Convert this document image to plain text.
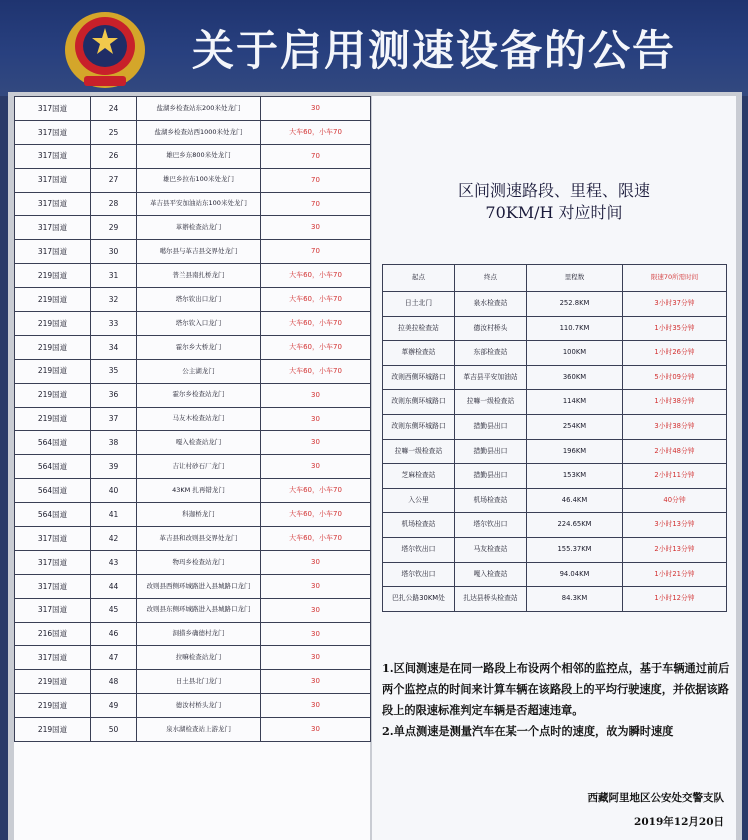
关于启用测速设备的公告
317国道	24	盐湖乡检查站东200米处龙门	30
317国道	25	盐湖乡检查站西1000米处龙门	大车60，小车70
317国道	26	雄巴乡东800米处龙门	70
317国道	27	雄巴乡拉布100米处龙门	70
317国道	28	革吉县平安加油站东100米处龙门	70
317国道	29	革辦检查站龙门	30
317国道	30	噶尔县与革吉县交界处龙门	70
219国道	31	普兰县南扎桥龙门	大车60，小车70
219国道	32	塔尔钦出口龙门	大车60，小车70
219国道	33	塔尔钦入口龙门	大车60，小车70
219国道	34	霍尔乡大桥龙门	大车60，小车70
219国道	35	公主湖龙门	大车60，小车70
219国道	36	霍尔乡检查站龙门	30
219国道	37	马友木检查站龙门	30
564国道	38	嘎入检查站龙门	30
564国道	39	吉让村砂石厂龙门	30
564国道	40	43KM 扎再错龙门	大车60，小车70
564国道	41	科迦桥龙门	大车60，小车70
317国道	42	革吉县和改则县交界处龙门	大车60，小车70
317国道	43	物玛乡检查站龙门	30
317国道	44	改则县西侧环城路进入县城路口龙门	30
317国道	45	改则县东侧环城路进入县城路口龙门	30
216国道	46	洞措乡确德村龙门	30
317国道	47	拉嘛检查站龙门	30
219国道	48	日土县北门龙门	30
219国道	49	德汝村桥头龙门	30
219国道	50	泉水湖检查站上游龙门	30
区间测速路段、里程、限速
70KM/H 对应时间
起点	终点	里程数	限速70所需时间
日土北门	泉水检查站	252.8KM	3小时37分钟
拉美拉检查站	德汝村桥头	110.7KM	1小时35分钟
革辦检查站	东部检查站	100KM	1小时26分钟
改则西侧环城路口	革吉县平安加油站	360KM	5小时09分钟
改则东侧环城路口	拉嘛一级检查站	114KM	1小时38分钟
改则东侧环城路口	措勤县出口	254KM	3小时38分钟
拉嘛一级检查站	措勤县出口	196KM	2小时48分钟
芝麻检查站	措勤县出口	153KM	2小时11分钟
入公里	机场检查站	46.4KM	40分钟
机场检查站	塔尔钦出口	224.65KM	3小时13分钟
塔尔钦出口	马友检查站	155.37KM	2小时13分钟
塔尔钦出口	嘎入检查站	94.04KM	1小时21分钟
巴扎公路30KM处	扎达县桥头检查站	84.3KM	1小时12分钟

1.区间测速是在同一路段上布设两个相邻的监控点，基于车辆通过前后两个监控点的时间来计算车辆在该路段上的平均行驶速度，并依据该路段上的限速标准判定车辆是否超速违章。

2.单点测速是测量汽车在某一个点时的速度，故为瞬时速度

西藏阿里地区公安处交警支队
2019年12月20日
